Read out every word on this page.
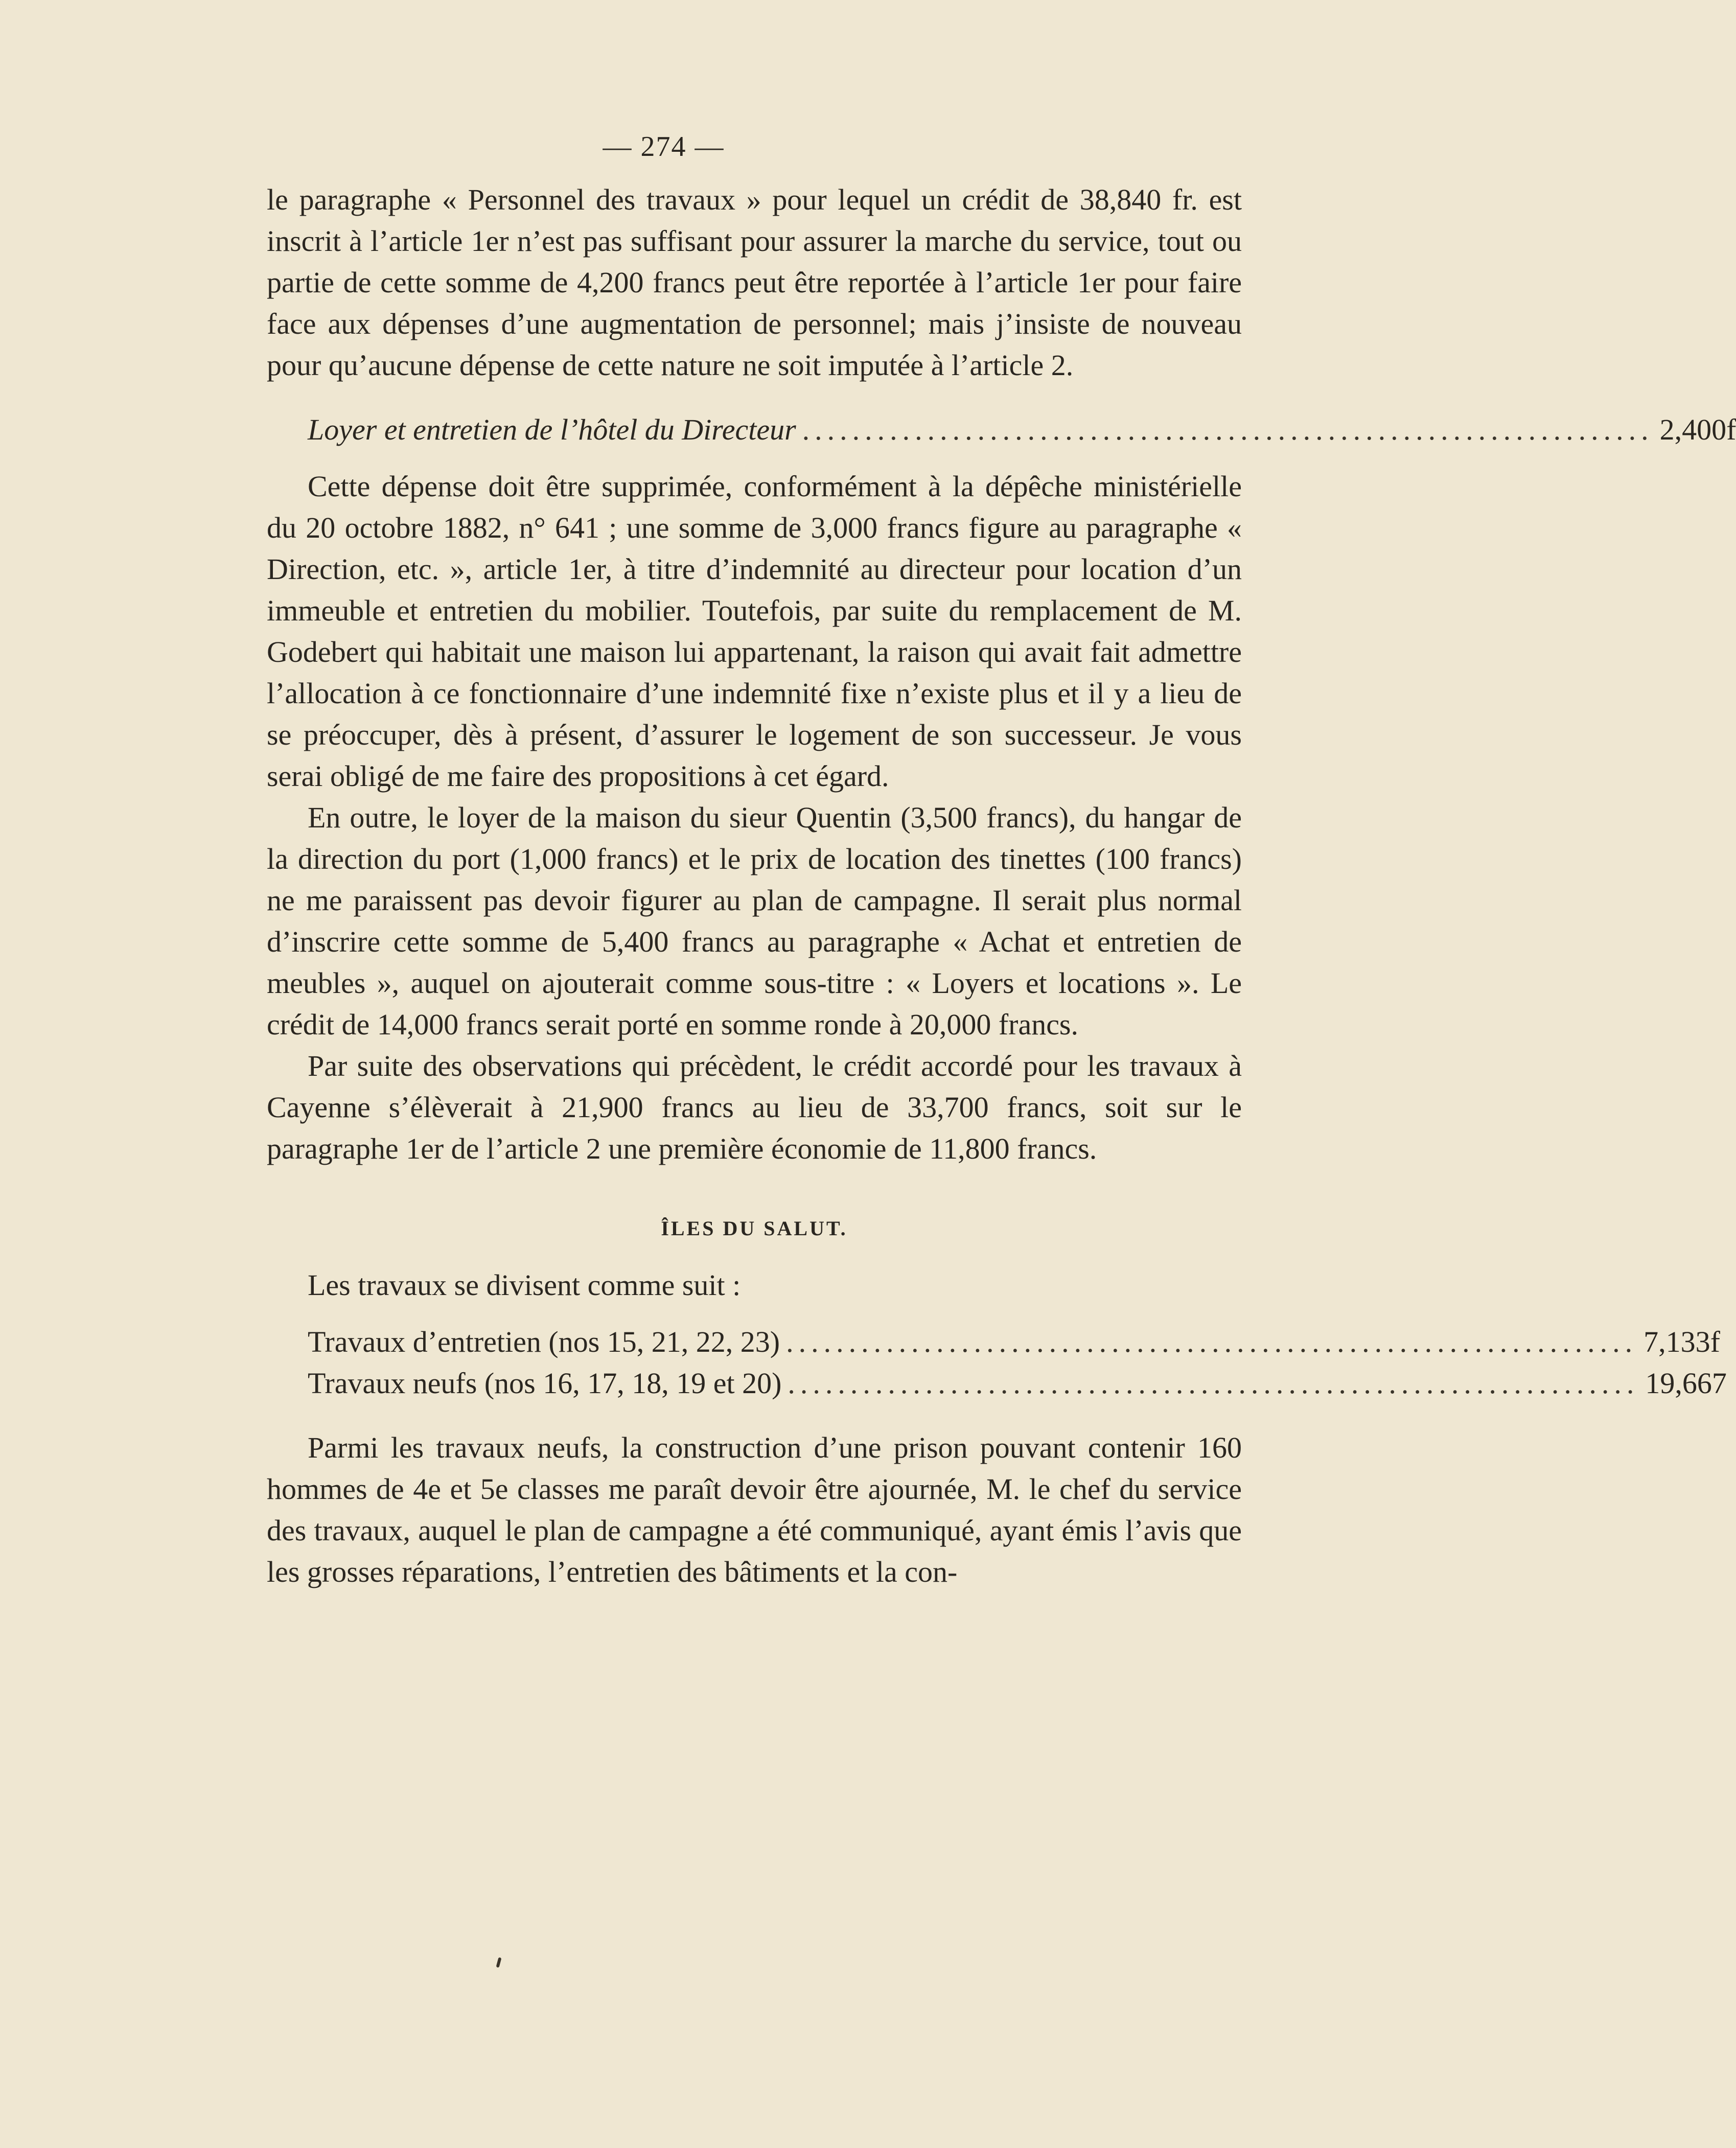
— 274 —

le paragraphe « Personnel des travaux » pour lequel un crédit de 38,840 fr. est inscrit à l’article 1er n’est pas suffisant pour assurer la marche du service, tout ou partie de cette somme de 4,200 francs peut être reportée à l’article 1er pour faire face aux dépenses d’une augmentation de personnel; mais j’insiste de nouveau pour qu’aucune dépense de cette nature ne soit imputée à l’article 2.

Loyer et entretien de l’hôtel du Directeur .................................................................... 2,400f

Cette dépense doit être supprimée, conformément à la dépêche ministérielle du 20 octobre 1882, n° 641 ; une somme de 3,000 francs figure au paragraphe « Direction, etc. », article 1er, à titre d’indemnité au directeur pour location d’un immeuble et entretien du mobilier. Toutefois, par suite du remplacement de M. Godebert qui habitait une maison lui appartenant, la raison qui avait fait admettre l’allocation à ce fonctionnaire d’une indemnité fixe n’existe plus et il y a lieu de se préoccuper, dès à présent, d’assurer le logement de son successeur. Je vous serai obligé de me faire des propositions à cet égard.

En outre, le loyer de la maison du sieur Quentin (3,500 francs), du hangar de la direction du port (1,000 francs) et le prix de location des tinettes (100 francs) ne me paraissent pas devoir figurer au plan de campagne. Il serait plus normal d’inscrire cette somme de 5,400 francs au paragraphe « Achat et entretien de meubles », auquel on ajouterait comme sous-titre : « Loyers et locations ». Le crédit de 14,000 francs serait porté en somme ronde à 20,000 francs.

Par suite des observations qui précèdent, le crédit accordé pour les travaux à Cayenne s’élèverait à 21,900 francs au lieu de 33,700 francs, soit sur le paragraphe 1er de l’article 2 une première économie de 11,800 francs.

ÎLES DU SALUT.

Les travaux se divisent comme suit :

Travaux d’entretien (nos 15, 21, 22, 23) .................................................................... 7,133f
Travaux neufs (nos 16, 17, 18, 19 et 20) .................................................................... 19,667

Parmi les travaux neufs, la construction d’une prison pouvant contenir 160 hommes de 4e et 5e classes me paraît devoir être ajournée, M. le chef du service des travaux, auquel le plan de campagne a été communiqué, ayant émis l’avis que les grosses réparations, l’entretien des bâtiments et la con-
